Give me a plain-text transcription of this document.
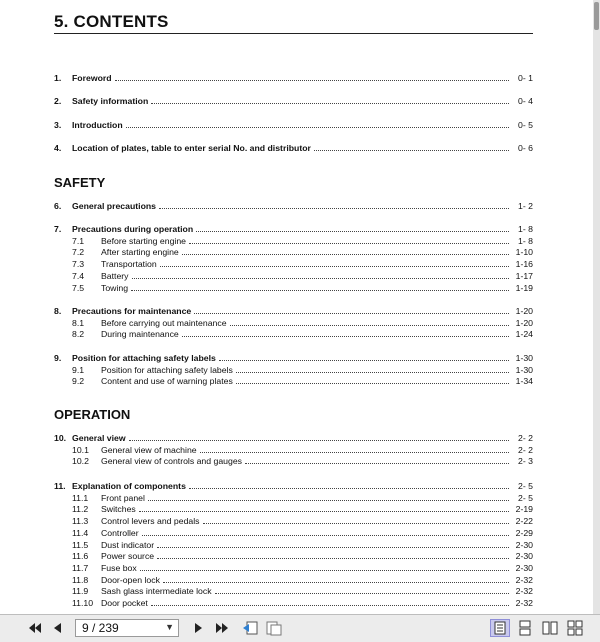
5. CONTENTS
SAFETY
OPERATION
1.	Foreword	0- 1
2.	Safety information	0- 4
3.	Introduction	0- 5
4.	Location of plates, table to enter serial No. and distributor	0- 6
6.	General precautions	1- 2
7.	Precautions during operation	1- 8
7.1	Before starting engine	1- 8
7.2	After starting engine	1-10
7.3	Transportation	1-16
7.4	Battery	1-17
7.5	Towing	1-19
8.	Precautions for maintenance	1-20
8.1	Before carrying out maintenance	1-20
8.2	During maintenance	1-24
9.	Position for attaching safety labels	1-30
9.1	Position for attaching safety labels	1-30
9.2	Content and use of warning plates	1-34
10. General view	2- 2
10.1	General view of machine	2- 2
10.2	General view of controls and gauges	2- 3
11. Explanation of components	2- 5
11.1	Front panel	2- 5
11.2	Switches	2-19
11.3	Control levers and pedals	2-22
11.4	Controller	2-29
11.5	Dust indicator	2-30
11.6	Power source	2-30
11.7	Fuse box	2-30
11.8	Door-open lock	2-32
11.9	Sash glass intermediate lock	2-32
11.10 Door pocket	2-32
9 / 239	▼
